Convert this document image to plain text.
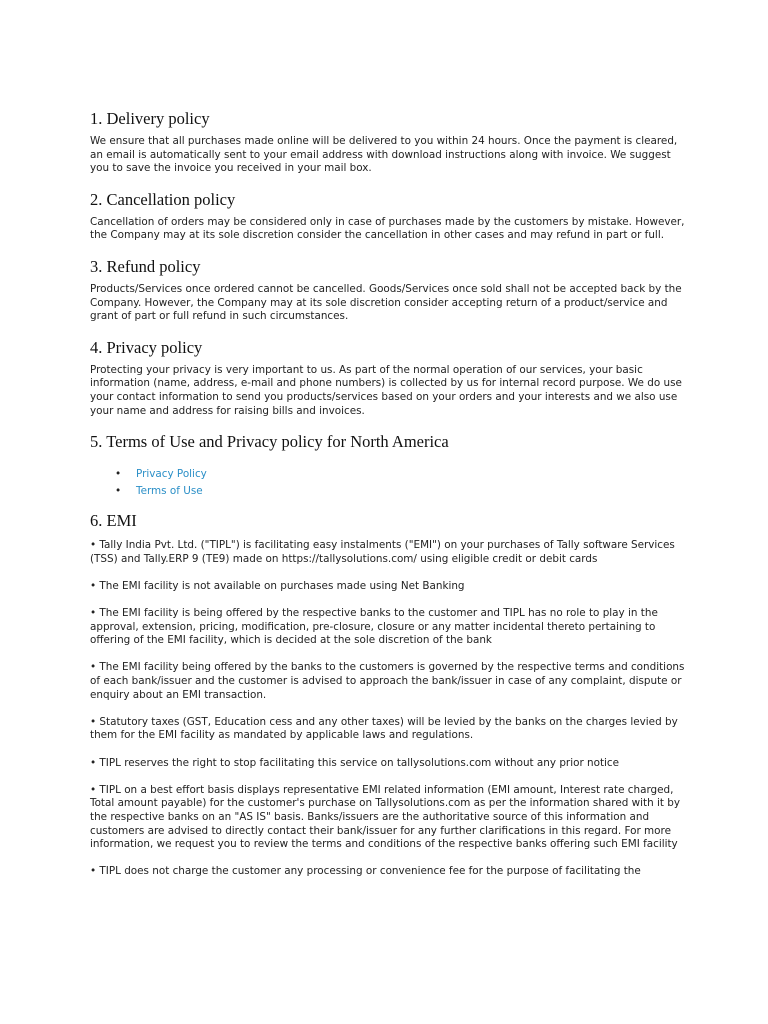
1. Delivery policy

We ensure that all purchases made online will be delivered to you within 24 hours. Once the payment is cleared, an email is automatically sent to your email address with download instructions along with invoice. We suggest you to save the invoice you received in your mail box.

2. Cancellation policy

Cancellation of orders may be considered only in case of purchases made by the customers by mistake. However, the Company may at its sole discretion consider the cancellation in other cases and may refund in part or full.

3. Refund policy

Products/Services once ordered cannot be cancelled. Goods/Services once sold shall not be accepted back by the Company. However, the Company may at its sole discretion consider accepting return of a product/service and grant of part or full refund in such circumstances.

4. Privacy policy

Protecting your privacy is very important to us. As part of the normal operation of our services, your basic information (name, address, e-mail and phone numbers) is collected by us for internal record purpose. We do use your contact information to send you products/services based on your orders and your interests and we also use your name and address for raising bills and invoices.

5. Terms of Use and Privacy policy for North America
• Privacy Policy
• Terms of Use
6. EMI

• Tally India Pvt. Ltd. ("TIPL") is facilitating easy instalments ("EMI") on your purchases of Tally software Services (TSS) and Tally.ERP 9 (TE9) made on https://tallysolutions.com/ using eligible credit or debit cards

• The EMI facility is not available on purchases made using Net Banking

• The EMI facility is being offered by the respective banks to the customer and TIPL has no role to play in the approval, extension, pricing, modification, pre-closure, closure or any matter incidental thereto pertaining to offering of the EMI facility, which is decided at the sole discretion of the bank

• The EMI facility being offered by the banks to the customers is governed by the respective terms and conditions of each bank/issuer and the customer is advised to approach the bank/issuer in case of any complaint, dispute or enquiry about an EMI transaction.

• Statutory taxes (GST, Education cess and any other taxes) will be levied by the banks on the charges levied by them for the EMI facility as mandated by applicable laws and regulations.

• TIPL reserves the right to stop facilitating this service on tallysolutions.com without any prior notice

• TIPL on a best effort basis displays representative EMI related information (EMI amount, Interest rate charged, Total amount payable) for the customer's purchase on Tallysolutions.com as per the information shared with it by the respective banks on an "AS IS" basis. Banks/issuers are the authoritative source of this information and customers are advised to directly contact their bank/issuer for any further clarifications in this regard. For more information, we request you to review the terms and conditions of the respective banks offering such EMI facility

• TIPL does not charge the customer any processing or convenience fee for the purpose of facilitating the
